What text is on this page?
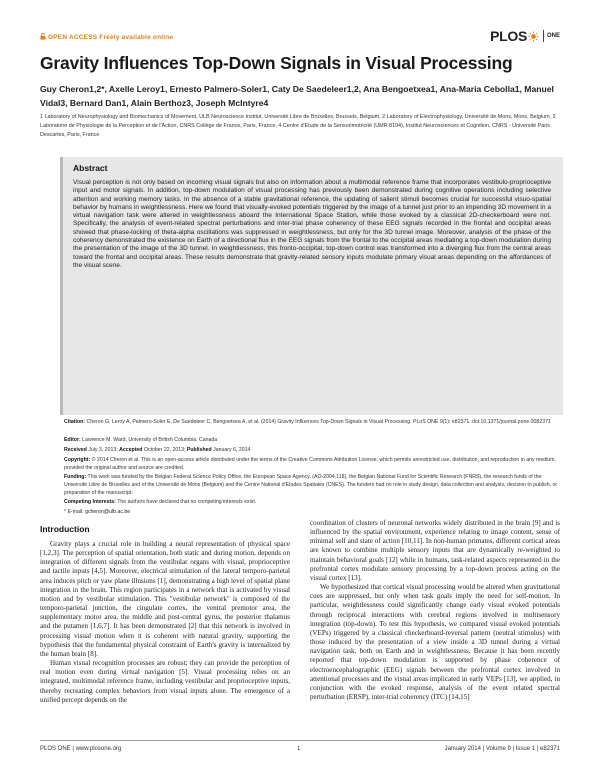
OPEN ACCESS Freely available online	PLOS	ONE
Gravity Influences Top-Down Signals in Visual Processing
Guy Cheron1,2*, Axelle Leroy1, Ernesto Palmero-Soler1, Caty De Saedeleer1,2, Ana Bengoetxea1, Ana-Maria Cebolla1, Manuel Vidal3, Bernard Dan1, Alain Berthoz3, Joseph McIntyre4
1 Laboratory of Neurophysiology and Biomechanics of Movement, ULB Neuroscience Institut, Université Libre de Bruxelles, Brussels, Belgium, 2 Laboratory of Electrophysiology, Université de Mons, Mons, Belgium, 3 Laboratoire de Physiologie de la Perception et de l'Action, CNRS Collège de France, Paris, France, 4 Centre d'Etude de la Sensorimotricité (UMR 8194), Institut Neurosciences et Cognition, CNRS - Université Paris Descartes, Paris, France
Abstract
Visual perception is not only based on incoming visual signals but also on information about a multimodal reference frame that incorporates vestibulo-proprioceptive input and motor signals. In addition, top-down modulation of visual processing has previously been demonstrated during cognitive operations including selective attention and working memory tasks. In the absence of a stable gravitational reference, the updating of salient stimuli becomes crucial for successful visuo-spatial behavior by humans in weightlessness. Here we found that visually-evoked potentials triggered by the image of a tunnel just prior to an impending 3D movement in a virtual navigation task were altered in weightlessness aboard the International Space Station, while those evoked by a classical 2D-checkerboard were not. Specifically, the analysis of event-related spectral perturbations and inter-trial phase coherency of these EEG signals recorded in the frontal and occipital areas showed that phase-locking of theta-alpha oscillations was suppressed in weightlessness, but only for the 3D tunnel image. Moreover, analysis of the phase of the coherency demonstrated the existence on Earth of a directional flux in the EEG signals from the frontal to the occipital areas mediating a top-down modulation during the presentation of the image of the 3D tunnel. In weightlessness, this fronto-occipital, top-down control was transformed into a diverging flux from the central areas toward the frontal and occipital areas. These results demonstrate that gravity-related sensory inputs modulate primary visual areas depending on the affordances of the visual scene.
Citation: Cheron G, Leroy A, Palmero-Soler E, De Saedeleer C, Bengoetxea A, et al. (2014) Gravity Influences Top-Down Signals in Visual Processing. PLoS ONE 9(1): e82371. doi:10.1371/journal.pone.0082371
Editor: Lawrence M. Ward, University of British Columbia, Canada
Received July 3, 2013; Accepted October 22, 2013; Published January 6, 2014
Copyright: © 2014 Cheron et al. This is an open-access article distributed under the terms of the Creative Commons Attribution License, which permits unrestricted use, distribution, and reproduction in any medium, provided the original author and source are credited.
Funding: This work was funded by the Belgian Federal Science Policy Office, the European Space Agency, (AO-2004,118), the Belgian National Fund for Scientific Research (FNRS), the research funds of the Université Libre de Bruxelles and of the Université de Mons (Belgium) and the Centre National d'Etudes Spatiales (CNES). The funders had no role in study design, data collection and analysis, decision to publish, or preparation of the manuscript.
Competing Interests: The authors have declared that no competing interests exist.
* E-mail: gcheron@ulb.ac.be
Introduction

Gravity plays a crucial role in building a neural representation of physical space [1,2,3]. The perception of spatial orientation, both static and during motion, depends on integration of different signals from the vestibular organs with visual, proprioceptive and tactile inputs [4,5]. Moreover, electrical stimulation of the lateral temporo-parietal area induces pitch or yaw plane illusions [1], demonstrating a high level of spatial plane integration in the brain. This region participates in a network that is activated by visual motion and by vestibular stimulation. This "vestibular network" is composed of the temporo-parietal junction, the cingulate cortex, the ventral premotor area, the supplementary motor area, the middle and post-central gyrus, the posterior thalamus and the putamen [1,6,7]. It has been demonstrated [2] that this network is involved in processing visual motion when it is coherent with natural gravity, supporting the hypothesis that the fundamental physical constraint of Earth's gravity is internalized by the human brain [8].

Human visual recognition processes are robust; they can provide the perception of real motion even during virtual navigation [5]. Visual processing relies on an integrated, multimodal reference frame, including vestibular and proprioceptive inputs, thereby recreating complex behaviors from visual inputs alone. The emergence of a unified percept depends on the

coordination of clusters of neuronal networks widely distributed in the brain [9] and is influenced by the spatial environment, experience relating to image content, sense of minimal self and state of action [10,11]. In non-human primates, different cortical areas are known to combine multiple sensory inputs that are dynamically re-weighted to maintain behavioral goals [12] while in humans, task-related aspects represented in the prefrontal cortex modulate sensory processing by a top-down process acting on the visual cortex [13].

We hypothesized that cortical visual processing would be altered when gravitational cues are suppressed, but only when task goals imply the need for self-motion. In particular, weightlessness could significantly change early visual evoked potentials through reciprocal interactions with cerebral regions involved in multisensory integration (top-down). To test this hypothesis, we compared visual evoked potentials (VEPs) triggered by a classical checkerboard-reversal pattern (neutral stimulus) with those induced by the presentation of a view inside a 3D tunnel during a virtual navigation task, both on Earth and in weightlessness. Because it has been recently reported that top-down modulation is supported by phase coherence of electroencephalographic (EEG) signals between the prefrontal cortex involved in attentional processes and the visual areas implicated in early VEPs [13], we applied, in conjunction with the evoked response, analysis of the event related spectral perturbation (ERSP), inter-trial coherency (ITC) [14,15]

PLOS ONE | www.plosone.org	1	January 2014 | Volume 9 | Issue 1 | e82371
